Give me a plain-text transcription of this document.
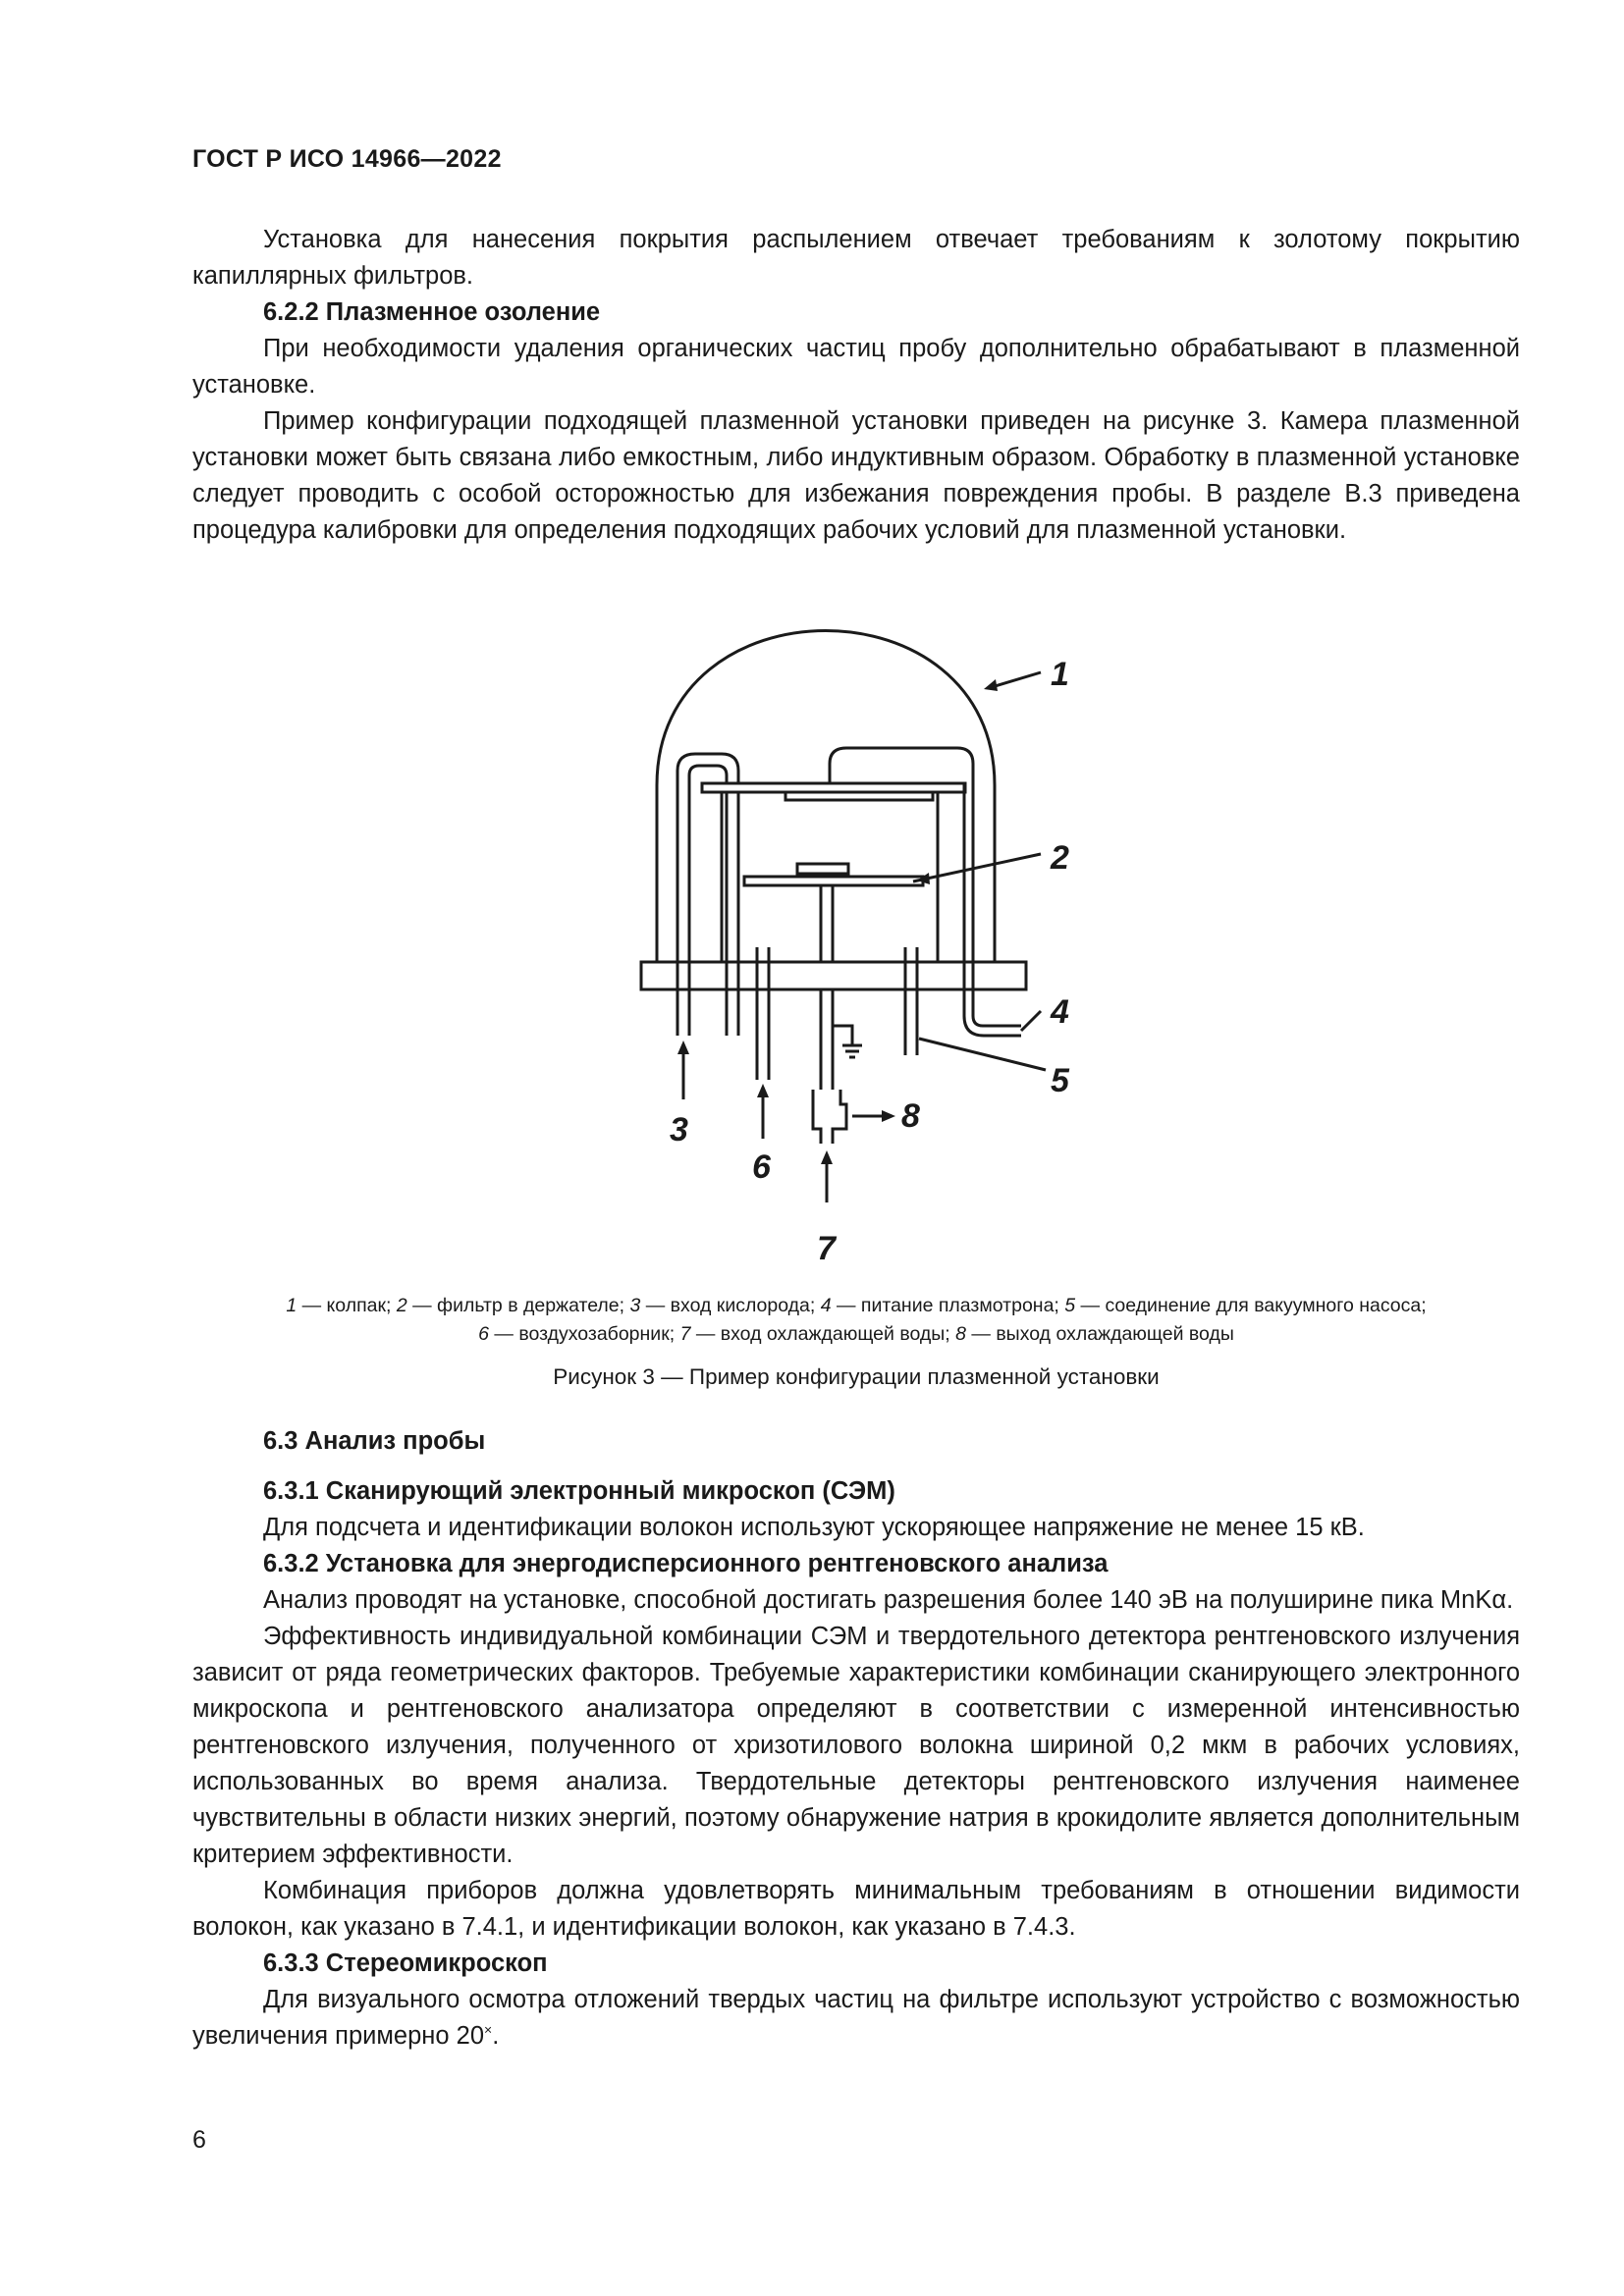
ГОСТ Р ИСО 14966—2022

Установка для нанесения покрытия распылением отвечает требованиям к золотому покрытию капиллярных фильтров.

6.2.2 Плазменное озоление

При необходимости удаления органических частиц пробу дополнительно обрабатывают в плазменной установке.

Пример конфигурации подходящей плазменной установки приведен на рисунке 3. Камера плазменной установки может быть связана либо емкостным, либо индуктивным образом. Обработку в плазменной установке следует проводить с особой осторожностью для избежания повреждения пробы. В разделе В.3 приведена процедура калибровки для определения подходящих рабочих условий для плазменной установки.

1
2
3
4
5
6
7
8
1 — колпак; 2 — фильтр в держателе; 3 — вход кислорода; 4 — питание плазмотрона; 5 — соединение для вакуумного насоса;
6 — воздухозаборник; 7 — вход охлаждающей воды; 8 — выход охлаждающей воды
Рисунок 3 — Пример конфигурации плазменной установки

6.3 Анализ пробы

6.3.1 Сканирующий электронный микроскоп (СЭМ)

Для подсчета и идентификации волокон используют ускоряющее напряжение не менее 15 кВ.

6.3.2 Установка для энергодисперсионного рентгеновского анализа

Анализ проводят на установке, способной достигать разрешения более 140 эВ на полуширине пика MnKα.

Эффективность индивидуальной комбинации СЭМ и твердотельного детектора рентгеновского излучения зависит от ряда геометрических факторов. Требуемые характеристики комбинации сканирующего электронного микроскопа и рентгеновского анализатора определяют в соответствии с измеренной интенсивностью рентгеновского излучения, полученного от хризотилового волокна шириной 0,2 мкм в рабочих условиях, использованных во время анализа. Твердотельные детекторы рентгеновского излучения наименее чувствительны в области низких энергий, поэтому обнаружение натрия в крокидолите является дополнительным критерием эффективности.

Комбинация приборов должна удовлетворять минимальным требованиям в отношении видимости волокон, как указано в 7.4.1, и идентификации волокон, как указано в 7.4.3.

6.3.3 Стереомикроскоп

Для визуального осмотра отложений твердых частиц на фильтре используют устройство с возможностью увеличения примерно 20×.

6
